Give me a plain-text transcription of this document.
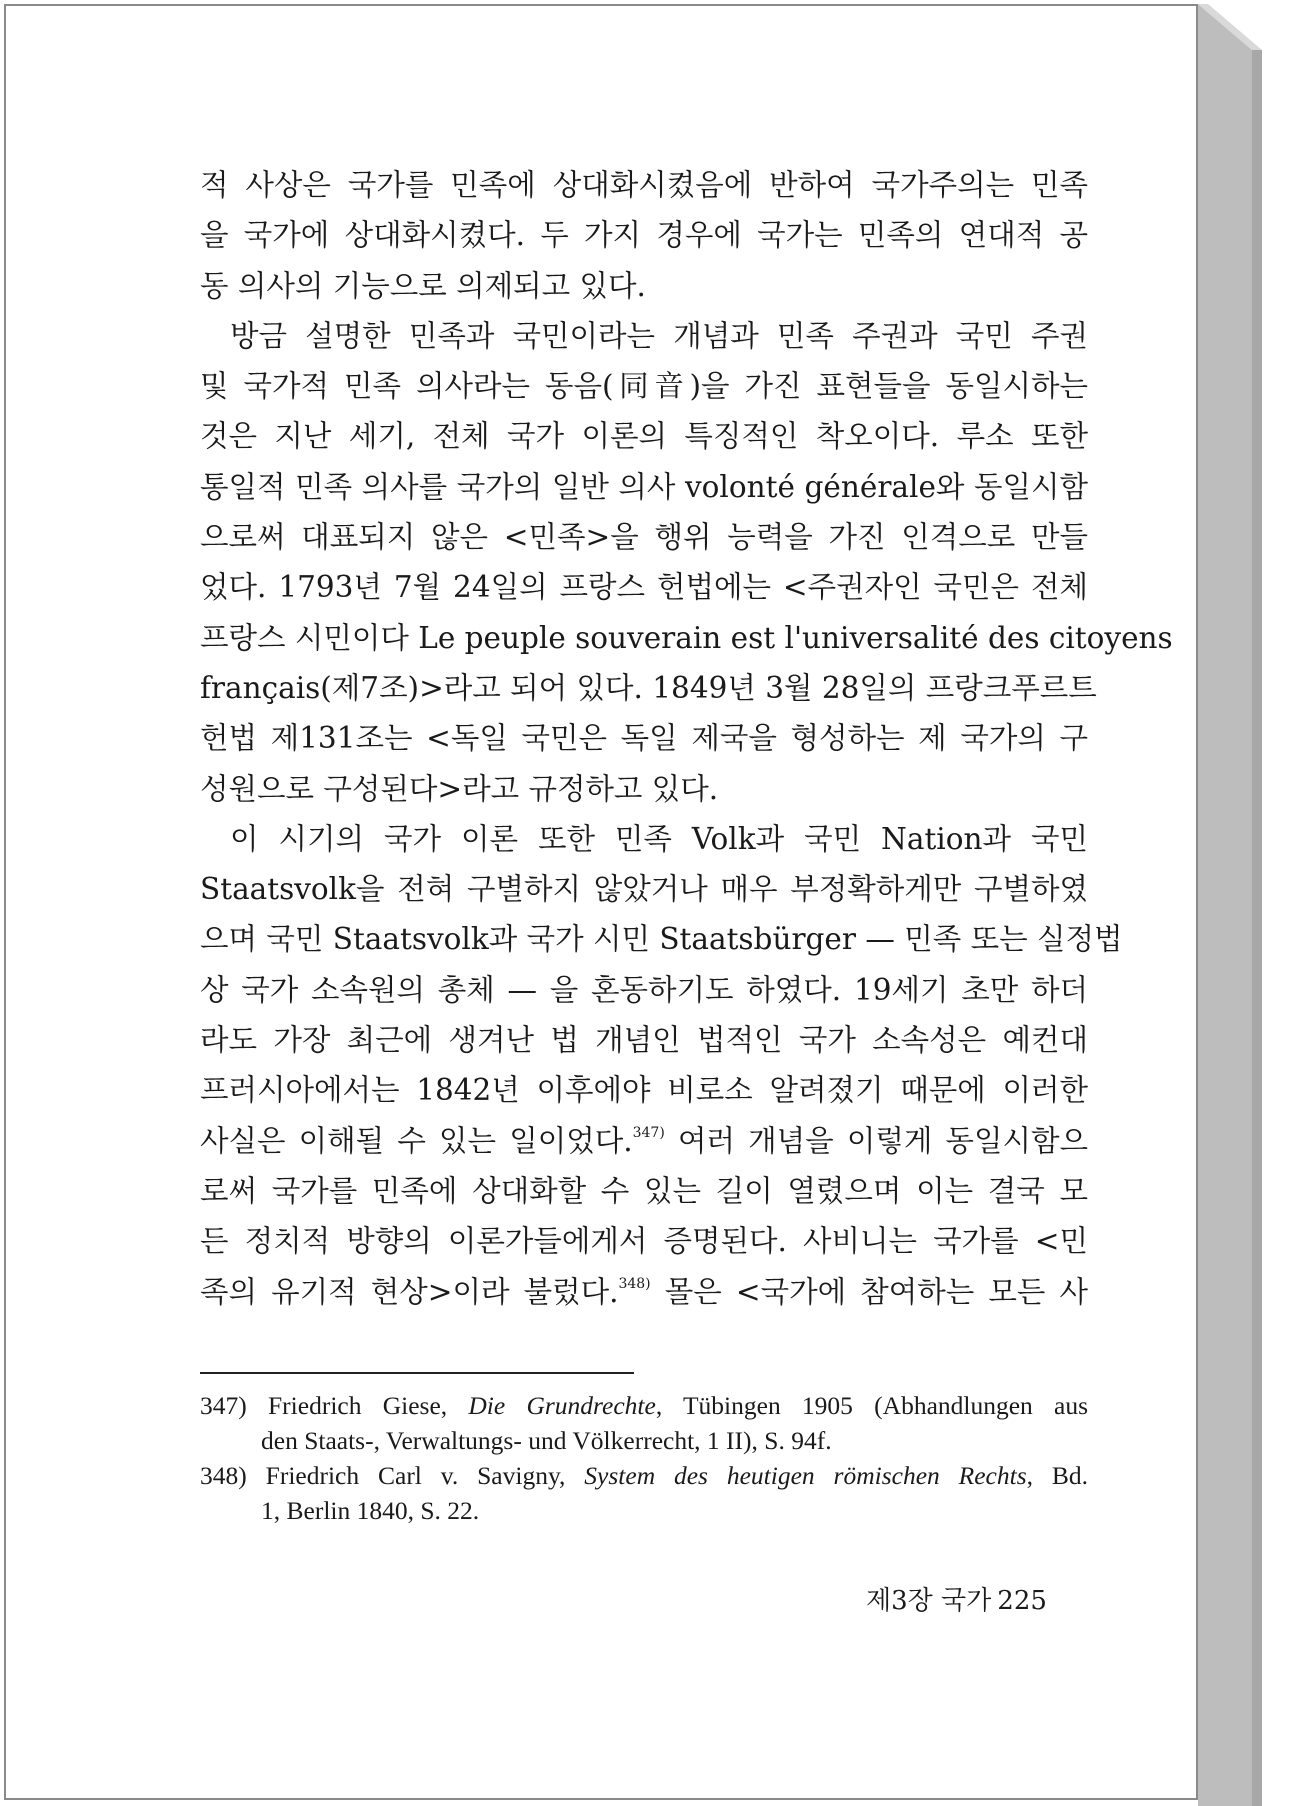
적 사상은 국가를 민족에 상대화시켰음에 반하여 국가주의는 민족
을 국가에 상대화시켰다. 두 가지 경우에 국가는 민족의 연대적 공
동 의사의 기능으로 의제되고 있다.
방금 설명한 민족과 국민이라는 개념과 민족 주권과 국민 주권
및 국가적 민족 의사라는 동음(同音)을 가진 표현들을 동일시하는
것은 지난 세기, 전체 국가 이론의 특징적인 착오이다. 루소 또한
통일적 민족 의사를 국가의 일반 의사 volonté générale와 동일시함
으로써 대표되지 않은 <민족>을 행위 능력을 가진 인격으로 만들
었다. 1793년 7월 24일의 프랑스 헌법에는 <주권자인 국민은 전체
프랑스 시민이다 Le peuple souverain est l'universalité des citoyens
français(제7조)>라고 되어 있다. 1849년 3월 28일의 프랑크푸르트
헌법 제131조는 <독일 국민은 독일 제국을 형성하는 제 국가의 구
성원으로 구성된다>라고 규정하고 있다.
이 시기의 국가 이론 또한 민족 Volk과 국민 Nation과 국민
Staatsvolk을 전혀 구별하지 않았거나 매우 부정확하게만 구별하였
으며 국민 Staatsvolk과 국가 시민 Staatsbürger — 민족 또는 실정법
상 국가 소속원의 총체 — 을 혼동하기도 하였다. 19세기 초만 하더
라도 가장 최근에 생겨난 법 개념인 법적인 국가 소속성은 예컨대
프러시아에서는 1842년 이후에야 비로소 알려졌기 때문에 이러한
사실은 이해될 수 있는 일이었다.$^{347)}$ 여러 개념을 이렇게 동일시함으
로써 국가를 민족에 상대화할 수 있는 길이 열렸으며 이는 결국 모
든 정치적 방향의 이론가들에게서 증명된다. 사비니는 국가를 <민
족의 유기적 현상>이라 불렀다.$^{348)}$ 몰은 <국가에 참여하는 모든 사
347) Friedrich Giese, Die Grundrechte, Tübingen 1905 (Abhandlungen aus
den Staats-, Verwaltungs- und Völkerrecht, 1 II), S. 94f.
348) Friedrich Carl v. Savigny, System des heutigen römischen Rechts, Bd.
1, Berlin 1840, S. 22.
제3장 국가 225
